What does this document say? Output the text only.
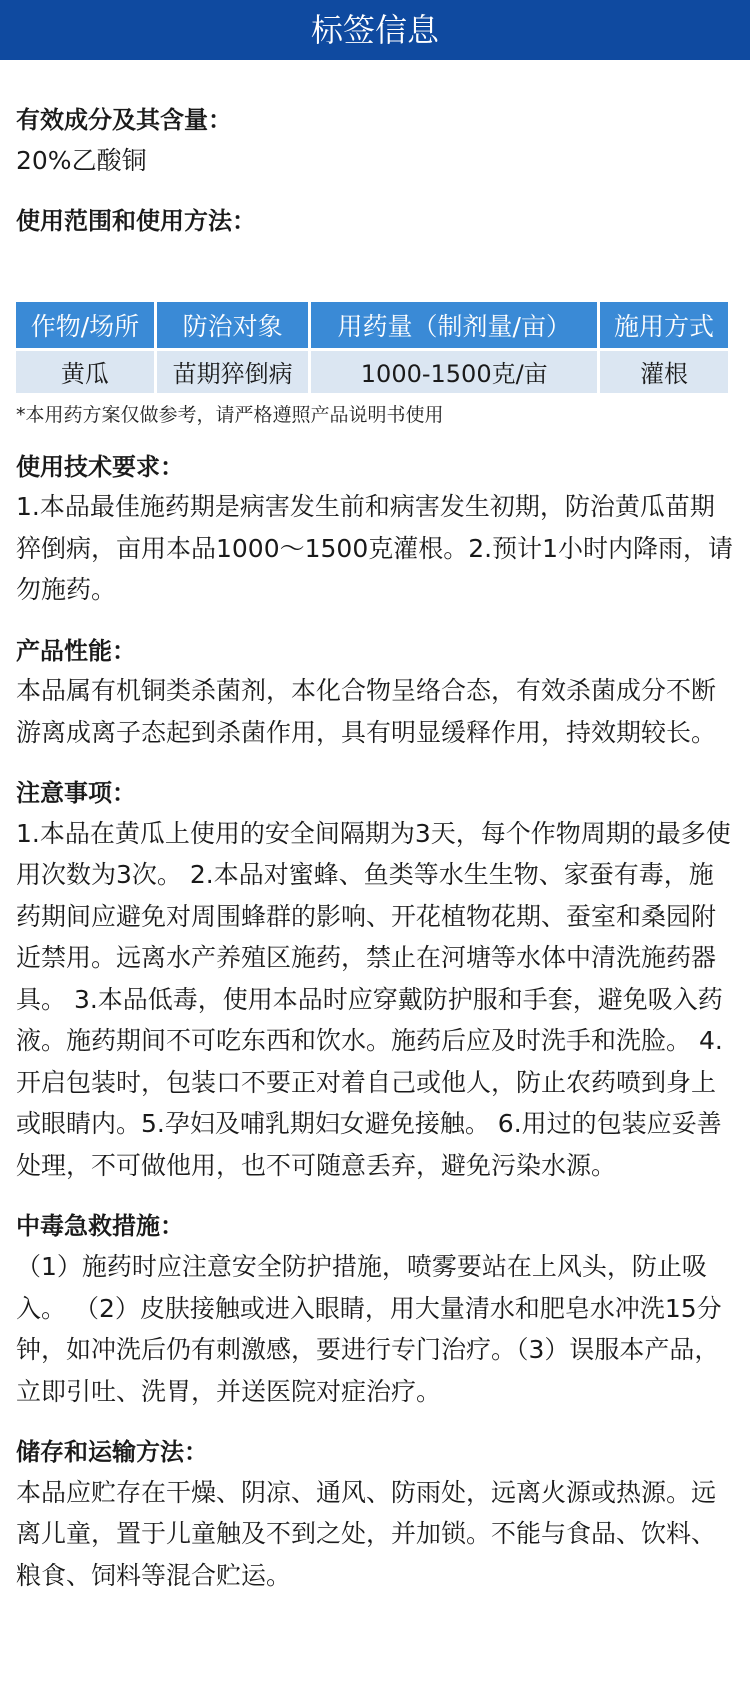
标签信息
有效成分及其含量：
20%乙酸铜
使用范围和使用方法：
作物/场所	防治对象	用药量（制剂量/亩）	施用方式
黄瓜	苗期猝倒病	1000-1500克/亩	灌根
*本用药方案仅做参考，请严格遵照产品说明书使用
使用技术要求：
1.本品最佳施药期是病害发生前和病害发生初期，防治黄瓜苗期猝倒病，亩用本品1000～1500克灌根。2.预计1小时内降雨，请勿施药。
产品性能：
本品属有机铜类杀菌剂，本化合物呈络合态，有效杀菌成分不断游离成离子态起到杀菌作用，具有明显缓释作用，持效期较长。
注意事项：
1.本品在黄瓜上使用的安全间隔期为3天，每个作物周期的最多使用次数为3次。 2.本品对蜜蜂、鱼类等水生生物、家蚕有毒，施药期间应避免对周围蜂群的影响、开花植物花期、蚕室和桑园附近禁用。远离水产养殖区施药，禁止在河塘等水体中清洗施药器具。 3.本品低毒，使用本品时应穿戴防护服和手套，避免吸入药液。施药期间不可吃东西和饮水。施药后应及时洗手和洗脸。 4.开启包装时，包装口不要正对着自己或他人，防止农药喷到身上或眼睛内。5.孕妇及哺乳期妇女避免接触。 6.用过的包装应妥善处理，不可做他用，也不可随意丢弃，避免污染水源。
中毒急救措施：
（1）施药时应注意安全防护措施，喷雾要站在上风头，防止吸入。 （2）皮肤接触或进入眼睛，用大量清水和肥皂水冲洗15分钟，如冲洗后仍有刺激感，要进行专门治疗。（3）误服本产品，立即引吐、洗胃，并送医院对症治疗。
储存和运输方法：
本品应贮存在干燥、阴凉、通风、防雨处，远离火源或热源。远离儿童，置于儿童触及不到之处，并加锁。不能与食品、饮料、粮食、饲料等混合贮运。
